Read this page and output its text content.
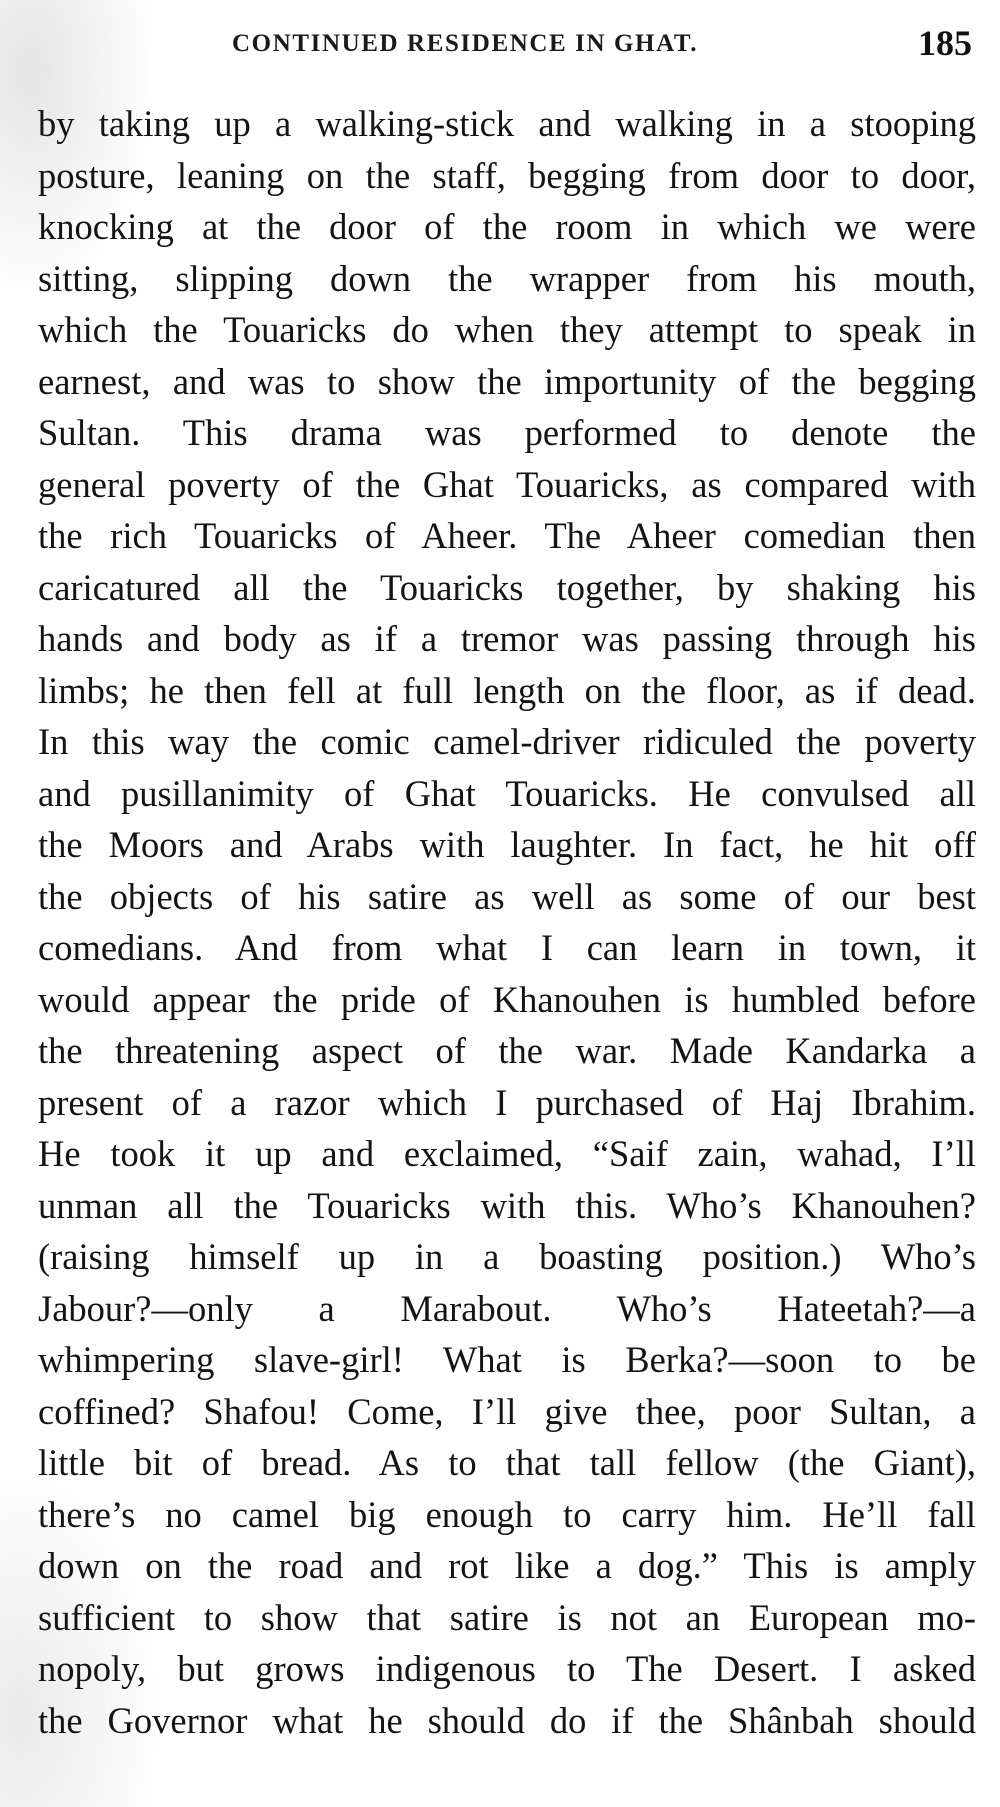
CONTINUED RESIDENCE IN GHAT.	185
by taking up a walking-stick and walking in a stooping
posture, leaning on the staff, begging from door to door,
knocking at the door of the room in which we were
sitting, slipping down the wrapper from his mouth,
which the Touaricks do when they attempt to speak in
earnest, and was to show the importunity of the begging
Sultan. This drama was performed to denote the
general poverty of the Ghat Touaricks, as compared with
the rich Touaricks of Aheer. The Aheer comedian then
caricatured all the Touaricks together, by shaking his
hands and body as if a tremor was passing through his
limbs; he then fell at full length on the floor, as if dead.
In this way the comic camel-driver ridiculed the poverty
and pusillanimity of Ghat Touaricks. He convulsed all
the Moors and Arabs with laughter. In fact, he hit off
the objects of his satire as well as some of our best
comedians. And from what I can learn in town, it
would appear the pride of Khanouhen is humbled before
the threatening aspect of the war. Made Kandarka a
present of a razor which I purchased of Haj Ibrahim.
He took it up and exclaimed, “Saif zain, wahad, I’ll
unman all the Touaricks with this. Who’s Khanouhen?
(raising himself up in a boasting position.) Who’s
Jabour?—only a Marabout. Who’s Hateetah?—a
whimpering slave-girl! What is Berka?—soon to be
coffined? Shafou! Come, I’ll give thee, poor Sultan, a
little bit of bread. As to that tall fellow (the Giant),
there’s no camel big enough to carry him. He’ll fall
down on the road and rot like a dog.” This is amply
sufficient to show that satire is not an European mo-
nopoly, but grows indigenous to The Desert. I asked
the Governor what he should do if the Shânbah should
